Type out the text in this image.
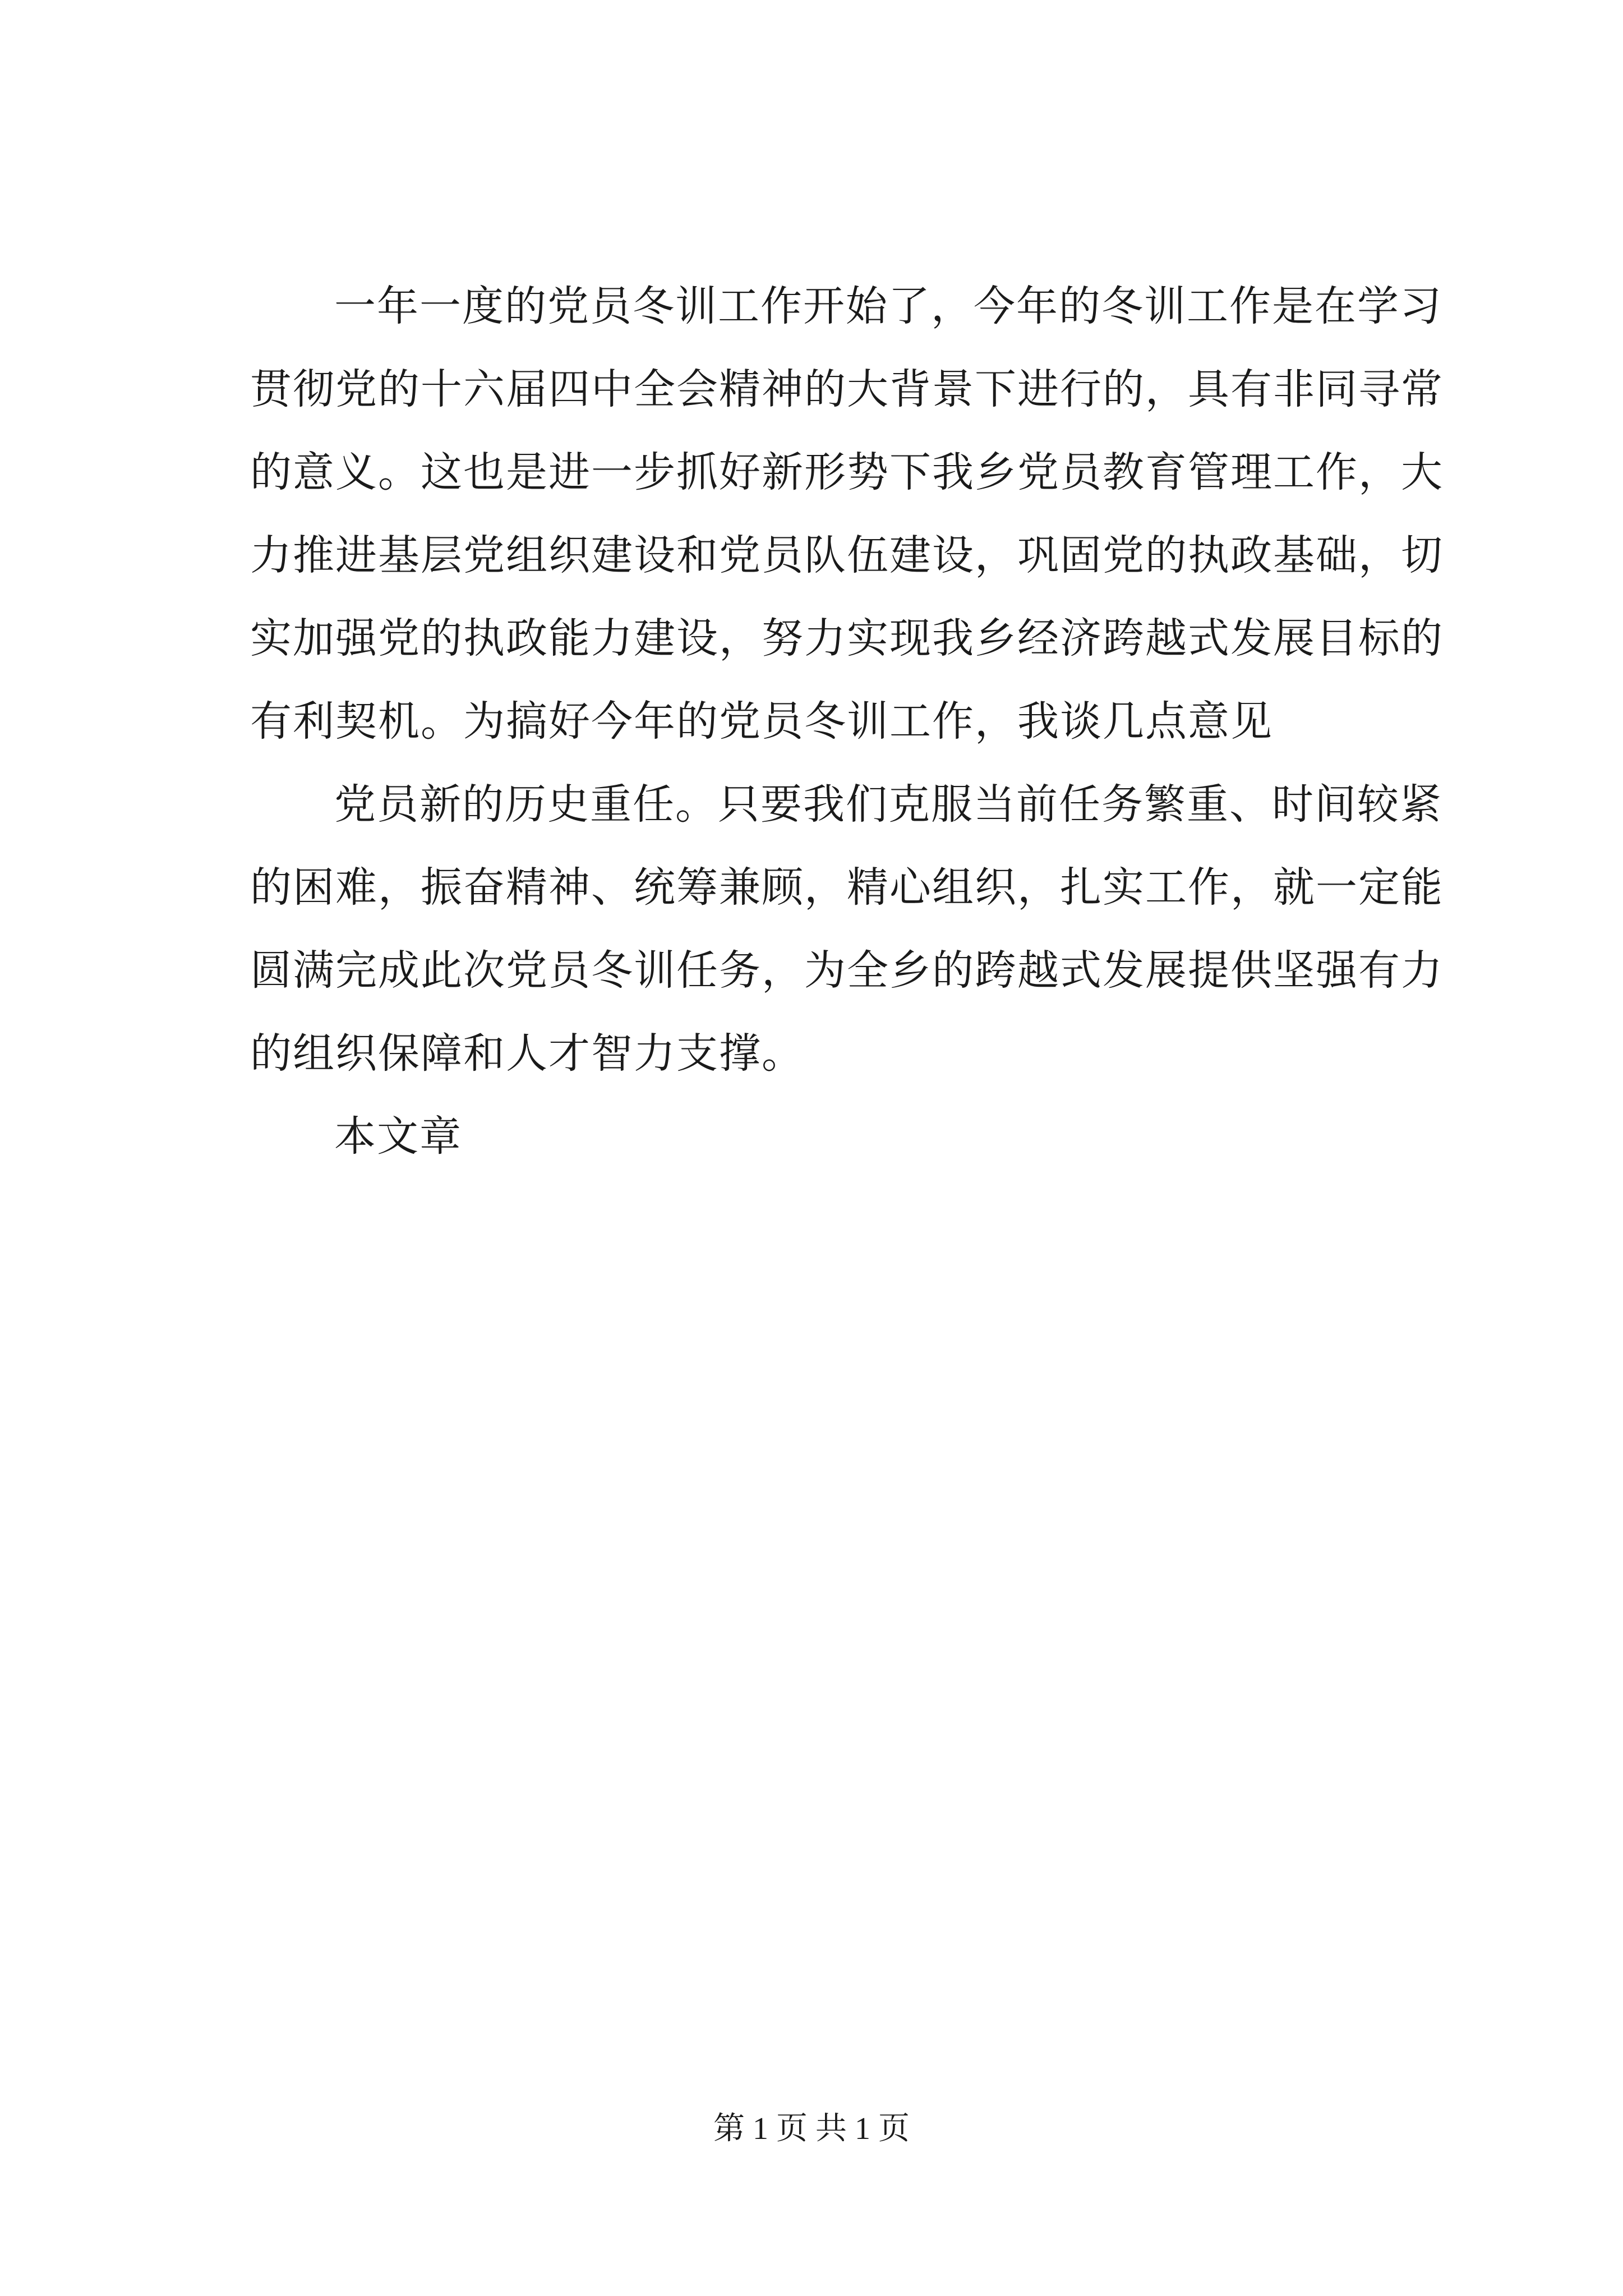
一年一度的党员冬训工作开始了，今年的冬训工作是在学习
贯彻党的十六届四中全会精神的大背景下进行的，具有非同寻常
的意义。这也是进一步抓好新形势下我乡党员教育管理工作，大
力推进基层党组织建设和党员队伍建设，巩固党的执政基础，切
实加强党的执政能力建设，努力实现我乡经济跨越式发展目标的
有利契机。为搞好今年的党员冬训工作，我谈几点意见
党员新的历史重任。只要我们克服当前任务繁重、时间较紧
的困难，振奋精神、统筹兼顾，精心组织，扎实工作，就一定能
圆满完成此次党员冬训任务，为全乡的跨越式发展提供坚强有力
的组织保障和人才智力支撑。
本文章
第 1 页 共 1 页
